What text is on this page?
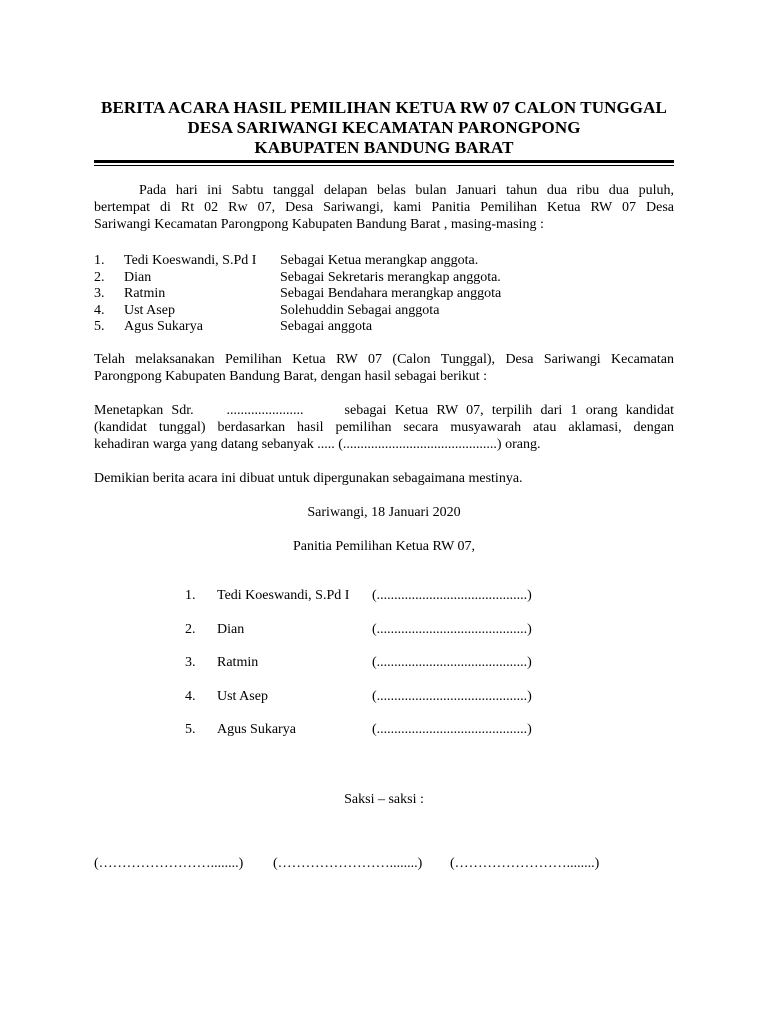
BERITA ACARA HASIL PEMILIHAN KETUA RW 07 CALON TUNGGAL
DESA SARIWANGI KECAMATAN PARONGPONG
KABUPATEN BANDUNG BARAT
Pada hari ini Sabtu tanggal delapan belas bulan Januari tahun dua ribu dua puluh,
bertempat di Rt 02 Rw 07, Desa Sariwangi, kami Panitia Pemilihan Ketua RW 07 Desa
Sariwangi Kecamatan Parongpong Kabupaten Bandung Barat , masing-masing :
1.	Tedi Koeswandi, S.Pd I	Sebagai Ketua merangkap anggota.
2.	Dian	Sebagai Sekretaris merangkap anggota.
3.	Ratmin	Sebagai Bendahara merangkap anggota
4.	Ust Asep	Solehuddin Sebagai anggota
5.	Agus Sukarya	Sebagai anggota
Telah melaksanakan Pemilihan Ketua RW 07 (Calon Tunggal), Desa Sariwangi Kecamatan
Parongpong Kabupaten Bandung Barat, dengan hasil sebagai berikut :
Menetapkan Sdr.    ......................     sebagai Ketua RW 07, terpilih dari 1 orang kandidat
(kandidat tunggal) berdasarkan hasil pemilihan secara musyawarah atau aklamasi, dengan
kehadiran warga yang datang sebanyak ..... (............................................) orang.
Demikian berita acara ini dibuat untuk dipergunakan sebagaimana mestinya.
Sariwangi, 18 Januari 2020
Panitia Pemilihan Ketua RW 07,
1.	Tedi Koeswandi, S.Pd I	(...........................................)
2.	Dian	(...........................................)
3.	Ratmin	(...........................................)
4.	Ust Asep	(...........................................)
5.	Agus Sukarya	(...........................................)
Saksi – saksi :
(……………………........) (……………………........) (……………………........)
